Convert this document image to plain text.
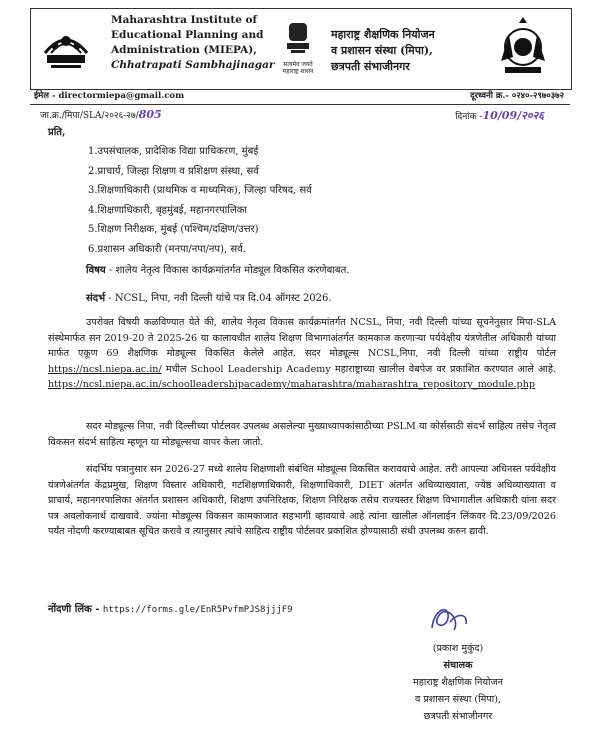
Maharashtra Institute of
Educational Planning and
Administration (MIEPA),
Chhatrapati Sambhajinagar	सत्यमेव जयते
महाराष्ट्र शासन
महाराष्ट्र शैक्षणिक नियोजन
व प्रशासन संस्था (मिपा),
छत्रपती संभाजीनगर
ईमेल - directormiepa@gmail.com	दूरध्वनी क्र.- ०२४०-२९७०३७२
जा.क्र./मिपा/SLA/२०२६-२७/805	दिनांक -10/09/२०२६
प्रति,
1.उपसंचालक, प्रादेशिक विद्या प्राधिकरण, मुंबई
2.प्राचार्य, जिल्हा शिक्षण व प्रशिक्षण संस्था, सर्व
3.शिक्षणाधिकारी (प्राथमिक व माध्यमिक), जिल्हा परिषद, सर्व
4.शिक्षणाधिकारी, बृहमुंबई, महानगरपालिका
5.शिक्षण निरीक्षक, मुंबई (पश्चिम/दक्षिण/उत्तर)
6.प्रशासन अधिकारी (मनपा/नपा/नप), सर्व.
विषय - शालेय नेतृत्व विकास कार्यक्रमांतर्गत मोड्यूल विकसित करणेबाबत.
संदर्भ - NCSL, निपा, नवी दिल्ली यांचे पत्र दि.04 ऑगस्ट 2026.
उपरोक्त विषयी कळविण्यात येते की, शालेय नेतृत्व विकास कार्यक्रमांतर्गत NCSL, निपा, नवी दिल्ली यांच्या सूचनेनुसार मिपा-SLA संस्थेमार्फत सन 2019-20 ते 2025-26 या कालावधीत शालेय शिक्षण विभागाअंतर्गत कामकाज करणाऱ्या पर्यवेक्षीय यंत्रणेतील अधिकारी यांच्या मार्फत एकूण 69 शैक्षणिक मोड्यूल्स विकसित केलेले आहेत. सदर मोड्यूल्स NCSL,निपा, नवी दिल्ली यांच्या राष्ट्रीय पोर्टल https://ncsl.niepa.ac.in/ मधील School Leadership Academy महाराष्ट्राच्या खालील वेबपेज वर प्रकाशित करण्यात आले आहे. https://ncsl.niepa.ac.in/schoolleadershipacademy/maharashtra/maharashtra_repository_module.php
सदर मोड्यूल्स निपा, नवी दिल्लीच्या पोर्टलवर उपलब्ध असलेल्या मुख्याध्यापकांसाठीच्या PSLM या कोर्ससाठी संदर्भ साहित्य तसेच नेतृत्व विकसन संदर्भ साहित्य म्हणून या मोड्यूल्सचा वापर केला जातो.
संदर्भिय पत्रानुसार सन 2026-27 मध्ये शालेय शिक्षणाशी संबंधित मोड्यूल्स विकसित करावयाचे आहेत. तरी आपल्या अधिनस्त पर्यवेक्षीय यंत्रणेअंतर्गत केंद्रप्रमुख, शिक्षण विस्तार अधिकारी, गटशिक्षणाधिकारी, शिक्षणाधिकारी, DIET अंतर्गत अधिव्याख्याता, ज्येष्ठ अधिव्याख्याता व प्राचार्य, महानगरपालिका अंतर्गत प्रशासन अधिकारी, शिक्षण उपनिरिक्षक, शिक्षण निरिक्षक तसेच राज्यस्तर शिक्षण विभागातील अधिकारी यांना सदर पत्र अवलोकनार्थ दाखवावे. ज्यांना मोड्यूल्स विकसन कामकाजात सहभागी व्हावयाचे आहे त्यांना खालील ऑनलाईन लिंकवर दि.23/09/2026 पर्यंत नोंदणी करण्याबाबत सूचित करावे व त्यानुसार त्यांचे साहित्य राष्ट्रीय पोर्टलवर प्रकाशित होण्यासाठी संधी उपलब्ध करुन द्यावी.
नोंदणी लिंक - https://forms.gle/EnR5PvfmPJS8jjjF9
(प्रकाश मुकुंद)
संचालक
महाराष्ट्र शैक्षणिक नियोजन
व प्रशासन संस्था (मिपा),
छत्रपती संभाजीनगर
